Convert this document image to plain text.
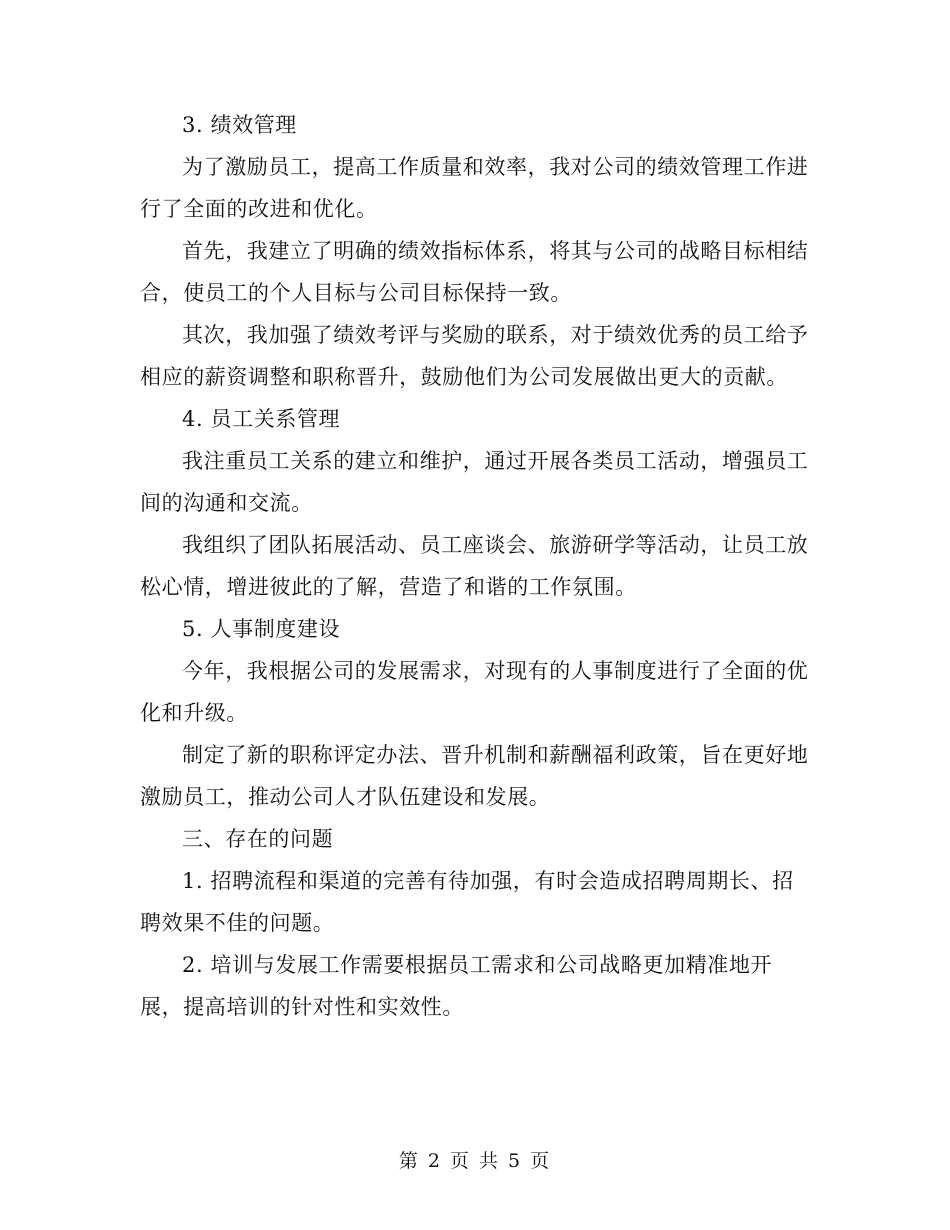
3. 绩效管理

为了激励员工，提高工作质量和效率，我对公司的绩效管理工作进行了全面的改进和优化。

首先，我建立了明确的绩效指标体系，将其与公司的战略目标相结合，使员工的个人目标与公司目标保持一致。

其次，我加强了绩效考评与奖励的联系，对于绩效优秀的员工给予相应的薪资调整和职称晋升，鼓励他们为公司发展做出更大的贡献。

4. 员工关系管理

我注重员工关系的建立和维护，通过开展各类员工活动，增强员工间的沟通和交流。

我组织了团队拓展活动、员工座谈会、旅游研学等活动，让员工放松心情，增进彼此的了解，营造了和谐的工作氛围。

5. 人事制度建设

今年，我根据公司的发展需求，对现有的人事制度进行了全面的优化和升级。

制定了新的职称评定办法、晋升机制和薪酬福利政策，旨在更好地激励员工，推动公司人才队伍建设和发展。

三、存在的问题

1. 招聘流程和渠道的完善有待加强，有时会造成招聘周期长、招聘效果不佳的问题。

2. 培训与发展工作需要根据员工需求和公司战略更加精准地开展，提高培训的针对性和实效性。

第 2 页 共 5 页
